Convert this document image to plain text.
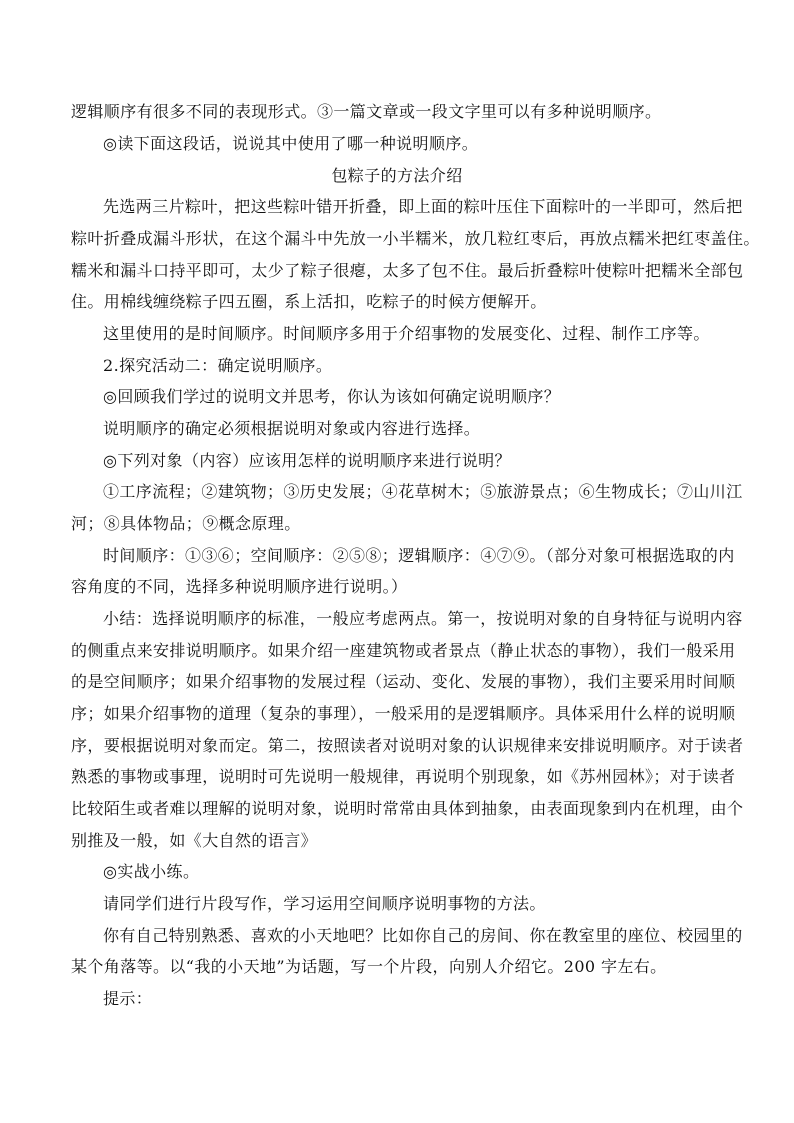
逻辑顺序有很多不同的表现形式。③一篇文章或一段文字里可以有多种说明顺序。
◎读下面这段话，说说其中使用了哪一种说明顺序。
包粽子的方法介绍
先选两三片粽叶，把这些粽叶错开折叠，即上面的粽叶压住下面粽叶的一半即可，然后把
粽叶折叠成漏斗形状，在这个漏斗中先放一小半糯米，放几粒红枣后，再放点糯米把红枣盖住。
糯米和漏斗口持平即可，太少了粽子很瘪，太多了包不住。最后折叠粽叶使粽叶把糯米全部包
住。用棉线缠绕粽子四五圈，系上活扣，吃粽子的时候方便解开。
这里使用的是时间顺序。时间顺序多用于介绍事物的发展变化、过程、制作工序等。
2.探究活动二：确定说明顺序。
◎回顾我们学过的说明文并思考，你认为该如何确定说明顺序？
说明顺序的确定必须根据说明对象或内容进行选择。
◎下列对象（内容）应该用怎样的说明顺序来进行说明？
①工序流程；②建筑物；③历史发展；④花草树木；⑤旅游景点；⑥生物成长；⑦山川江
河；⑧具体物品；⑨概念原理。
时间顺序：①③⑥；空间顺序：②⑤⑧；逻辑顺序：④⑦⑨。（部分对象可根据选取的内
容角度的不同，选择多种说明顺序进行说明。）
小结：选择说明顺序的标准，一般应考虑两点。第一，按说明对象的自身特征与说明内容
的侧重点来安排说明顺序。如果介绍一座建筑物或者景点（静止状态的事物），我们一般采用
的是空间顺序；如果介绍事物的发展过程（运动、变化、发展的事物），我们主要采用时间顺
序；如果介绍事物的道理（复杂的事理），一般采用的是逻辑顺序。具体采用什么样的说明顺
序，要根据说明对象而定。第二，按照读者对说明对象的认识规律来安排说明顺序。对于读者
熟悉的事物或事理，说明时可先说明一般规律，再说明个别现象，如《苏州园林》；对于读者
比较陌生或者难以理解的说明对象，说明时常常由具体到抽象，由表面现象到内在机理，由个
别推及一般，如《大自然的语言》
◎实战小练。
请同学们进行片段写作，学习运用空间顺序说明事物的方法。
你有自己特别熟悉、喜欢的小天地吧？比如你自己的房间、你在教室里的座位、校园里的
某个角落等。以“我的小天地”为话题，写一个片段，向别人介绍它。200 字左右。
提示：
